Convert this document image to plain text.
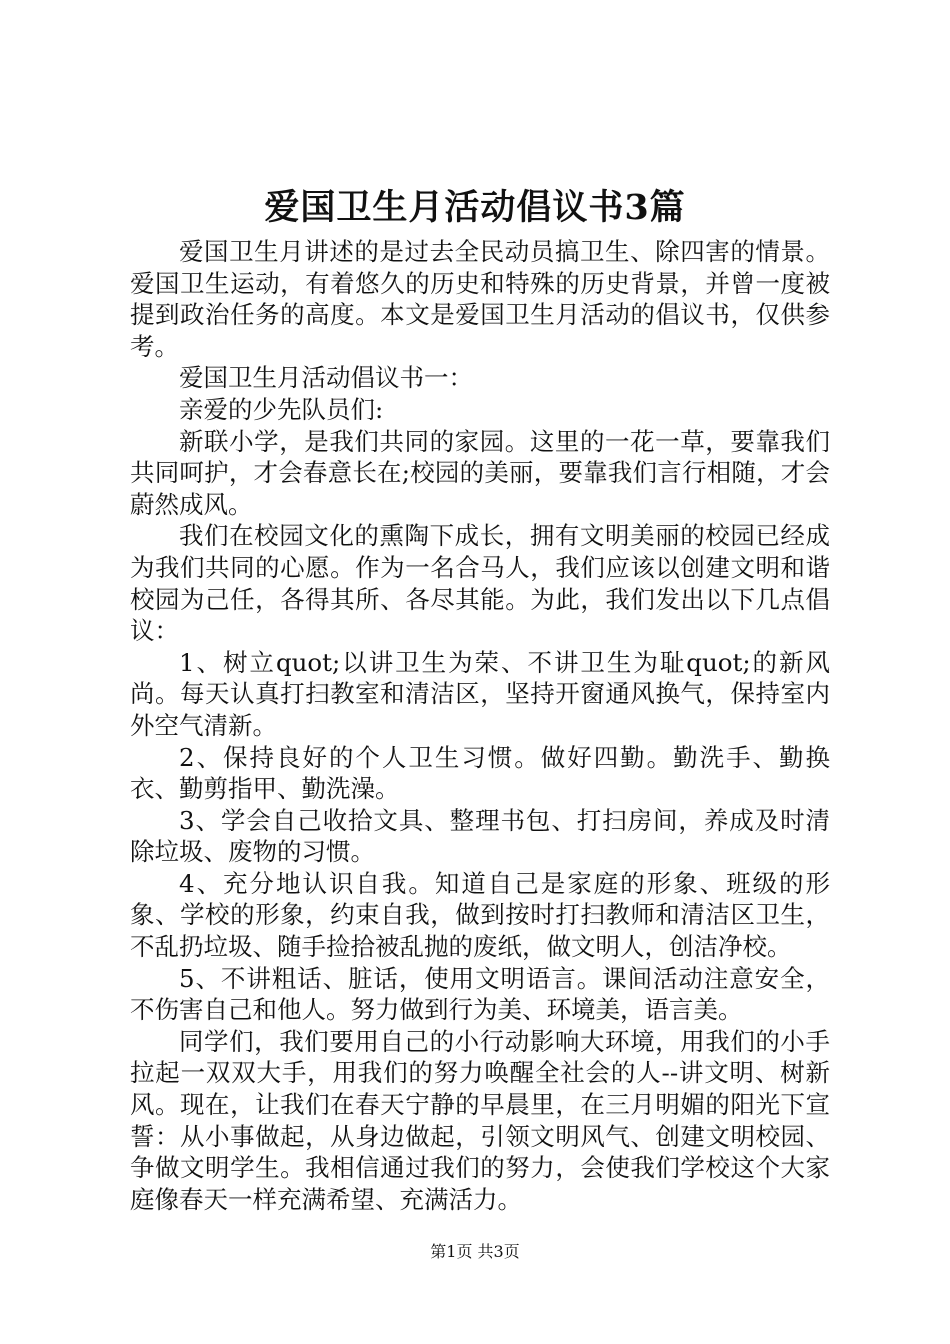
爱国卫生月活动倡议书3篇

爱国卫生月讲述的是过去全民动员搞卫生、除四害的情景。爱国卫生运动，有着悠久的历史和特殊的历史背景，并曾一度被提到政治任务的高度。本文是爱国卫生月活动的倡议书，仅供参考。

爱国卫生月活动倡议书一：

亲爱的少先队员们:

新联小学，是我们共同的家园。这里的一花一草，要靠我们共同呵护，才会春意长在;校园的美丽，要靠我们言行相随，才会蔚然成风。

我们在校园文化的熏陶下成长，拥有文明美丽的校园已经成为我们共同的心愿。作为一名合马人，我们应该以创建文明和谐校园为己任，各得其所、各尽其能。为此，我们发出以下几点倡议：

1、树立quot;以讲卫生为荣、不讲卫生为耻quot;的新风尚。每天认真打扫教室和清洁区，坚持开窗通风换气，保持室内外空气清新。

2、保持良好的个人卫生习惯。做好四勤。勤洗手、勤换衣、勤剪指甲、勤洗澡。

3、学会自己收拾文具、整理书包、打扫房间，养成及时清除垃圾、废物的习惯。

4、充分地认识自我。知道自己是家庭的形象、班级的形象、学校的形象，约束自我，做到按时打扫教师和清洁区卫生，不乱扔垃圾、随手捡拾被乱抛的废纸，做文明人，创洁净校。

5、不讲粗话、脏话，使用文明语言。课间活动注意安全，不伤害自己和他人。努力做到行为美、环境美，语言美。

同学们，我们要用自己的小行动影响大环境，用我们的小手拉起一双双大手，用我们的努力唤醒全社会的人--讲文明、树新风。现在，让我们在春天宁静的早晨里，在三月明媚的阳光下宣誓：从小事做起，从身边做起，引领文明风气、创建文明校园、争做文明学生。我相信通过我们的努力，会使我们学校这个大家庭像春天一样充满希望、充满活力。

第1页 共3页
